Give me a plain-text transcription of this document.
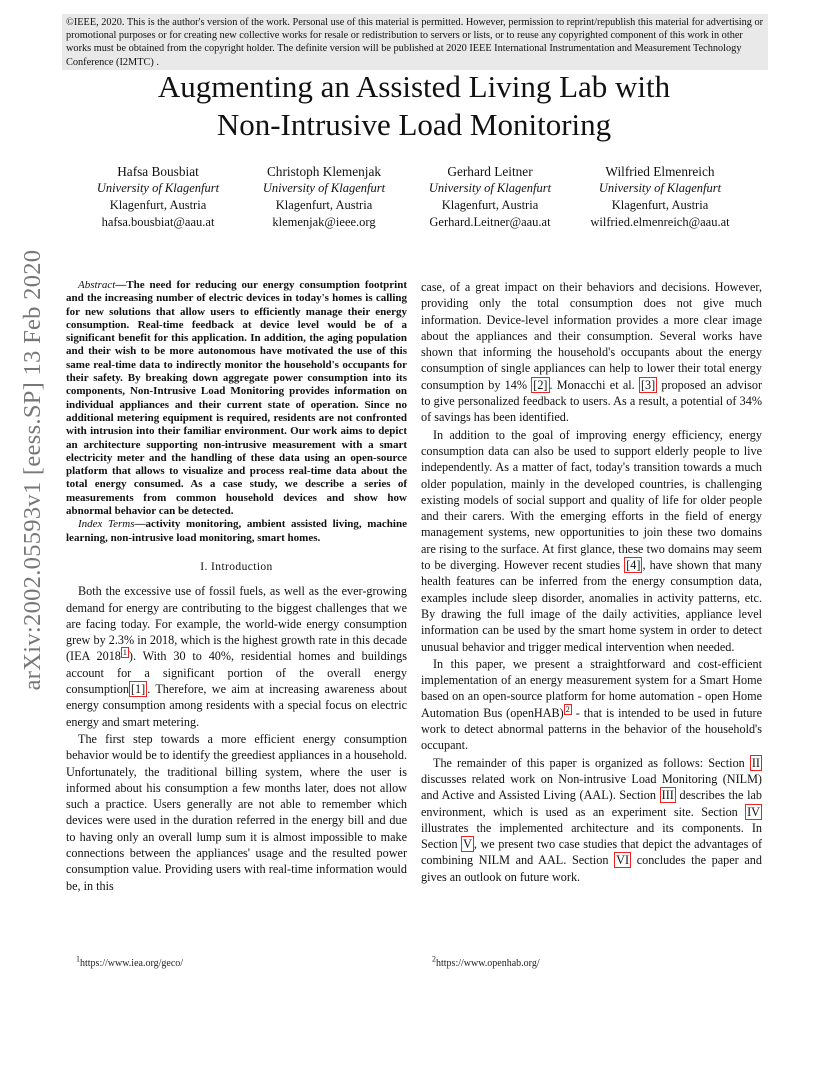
©IEEE, 2020. This is the author's version of the work. Personal use of this material is permitted. However, permission to reprint/republish this material for advertising or promotional purposes or for creating new collective works for resale or redistribution to servers or lists, or to reuse any copyrighted component of this work in other works must be obtained from the copyright holder. The definite version will be published at 2020 IEEE International Instrumentation and Measurement Technology Conference (I2MTC) .
Augmenting an Assisted Living Lab with
Non-Intrusive Load Monitoring
Hafsa Bousbiat
University of Klagenfurt
Klagenfurt, Austria
hafsa.bousbiat@aau.at
Christoph Klemenjak
University of Klagenfurt
Klagenfurt, Austria
klemenjak@ieee.org
Gerhard Leitner
University of Klagenfurt
Klagenfurt, Austria
Gerhard.Leitner@aau.at
Wilfried Elmenreich
University of Klagenfurt
Klagenfurt, Austria
wilfried.elmenreich@aau.at
arXiv:2002.05593v1 [eess.SP] 13 Feb 2020	Abstract—The need for reducing our energy consumption footprint and the increasing number of electric devices in today's homes is calling for new solutions that allow users to efficiently manage their energy consumption. Real-time feedback at device level would be of a significant benefit for this application. In addition, the aging population and their wish to be more autonomous have motivated the use of this same real-time data to indirectly monitor the household's occupants for their safety. By breaking down aggregate power consumption into its components, Non-Intrusive Load Monitoring provides information on individual appliances and their current state of operation. Since no additional metering equipment is required, residents are not confronted with intrusion into their familiar environment. Our work aims to depict an architecture supporting non-intrusive measurement with a smart electricity meter and the handling of these data using an open-source platform that allows to visualize and process real-time data about the total energy consumed. As a case study, we describe a series of measurements from common household devices and show how abnormal behavior can be detected.

Index Terms—activity monitoring, ambient assisted living, machine learning, non-intrusive load monitoring, smart homes.

I. Introduction

Both the excessive use of fossil fuels, as well as the ever-growing demand for energy are contributing to the biggest challenges that we are facing today. For example, the world-wide energy consumption grew by 2.3% in 2018, which is the highest growth rate in this decade (IEA 2018 $^1$ ). With 30 to 40%, residential homes and buildings account for a significant portion of the overall energy consumption [1] . Therefore, we aim at increasing awareness about energy consumption among residents with a special focus on electric energy and smart metering.

The first step towards a more efficient energy consumption behavior would be to identify the greediest appliances in a household. Unfortunately, the traditional billing system, where the user is informed about his consumption a few months later, does not allow such a practice. Users generally are not able to remember which devices were used in the duration referred in the energy bill and due to having only an overall lump sum it is almost impossible to make connections between the appliances' usage and the resulted power consumption value. Providing users with real-time information would be, in this

case, of a great impact on their behaviors and decisions. However, providing only the total consumption does not give much information. Device-level information provides a more clear image about the appliances and their consumption. Several works have shown that informing the household's occupants about the energy consumption of single appliances can help to lower their total energy consumption by 14% [2] . Monacchi et al. [3] proposed an advisor to give personalized feedback to users. As a result, a potential of 34% of savings has been identified.

In addition to the goal of improving energy efficiency, energy consumption data can also be used to support elderly people to live independently. As a matter of fact, today's transition towards a much older population, mainly in the developed countries, is challenging existing models of social support and quality of life for older people and their carers. With the emerging efforts in the field of energy management systems, new opportunities to join these two domains are rising to the surface. At first glance, these two domains may seem to be diverging. However recent studies [4] , have shown that many health features can be inferred from the energy consumption data, examples include sleep disorder, anomalies in activity patterns, etc. By drawing the full image of the daily activities, appliance level information can be used by the smart home system in order to detect unusual behavior and trigger medical intervention when needed.

In this paper, we present a straightforward and cost-efficient implementation of an energy measurement system for a Smart Home based on an open-source platform for home automation - open Home Automation Bus (openHAB) $^2$ - that is intended to be used in future work to detect abnormal patterns in the behavior of the household's occupant.

The remainder of this paper is organized as follows: Section II discusses related work on Non-intrusive Load Monitoring (NILM) and Active and Assisted Living (AAL). Section III describes the lab environment, which is used as an experiment site. Section IV illustrates the implemented architecture and its components. In Section V , we present two case studies that depict the advantages of combining NILM and AAL. Section VI concludes the paper and gives an outlook on future work.

$^1$https://www.iea.org/geco/	$^2$https://www.openhab.org/
